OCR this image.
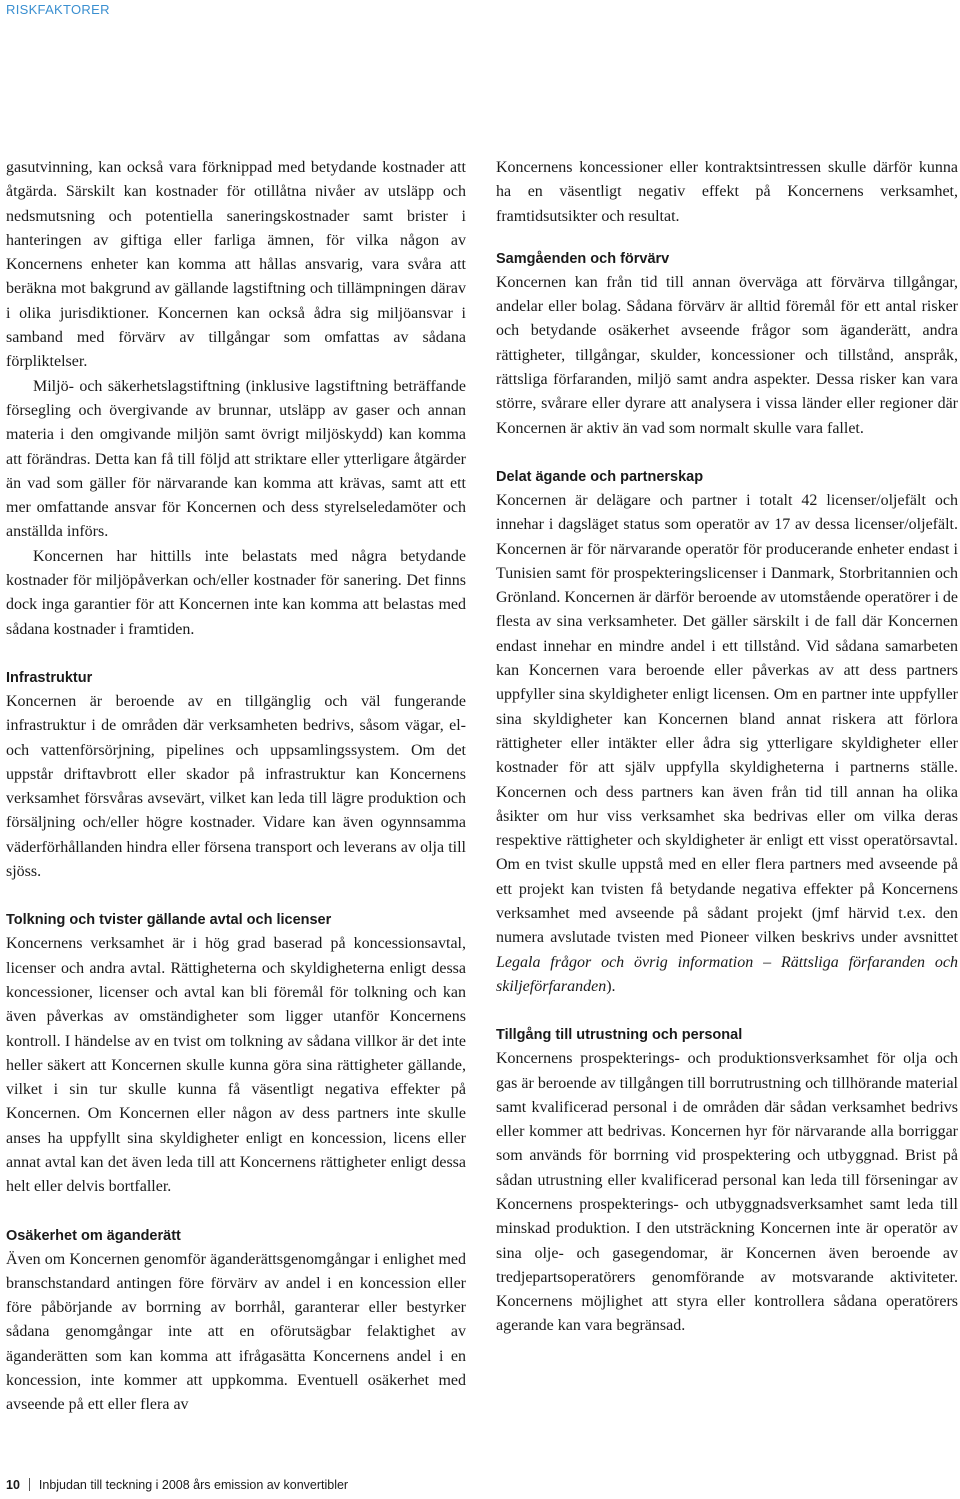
RISKFAKTORER

gasutvinning, kan också vara förknippad med betydande kostnader att åtgärda. Särskilt kan kostnader för otillåtna nivåer av utsläpp och nedsmutsning och potentiella saneringskostnader samt brister i hanteringen av giftiga eller farliga ämnen, för vilka någon av Koncernens enheter kan komma att hållas ansvarig, vara svåra att beräkna mot bakgrund av gällande lagstiftning och tillämpningen därav i olika jurisdiktioner. Koncernen kan också ådra sig miljöansvar i samband med förvärv av tillgångar som omfattas av sådana förpliktelser.

Miljö- och säkerhetslagstiftning (inklusive lagstiftning beträffande försegling och övergivande av brunnar, utsläpp av gaser och annan materia i den omgivande miljön samt övrigt miljöskydd) kan komma att förändras. Detta kan få till följd att striktare eller ytterligare åtgärder än vad som gäller för närvarande kan komma att krävas, samt att ett mer omfattande ansvar för Koncernen och dess styrelseledamöter och anställda införs.

Koncernen har hittills inte belastats med några betydande kostnader för miljöpåverkan och/eller kostnader för sanering. Det finns dock inga garantier för att Koncernen inte kan komma att belastas med sådana kostnader i framtiden.

Infrastruktur

Koncernen är beroende av en tillgänglig och väl fungerande infrastruktur i de områden där verksamheten bedrivs, såsom vägar, el- och vattenförsörjning, pipelines och uppsamlingssystem. Om det uppstår driftavbrott eller skador på infrastruktur kan Koncernens verksamhet försvåras avsevärt, vilket kan leda till lägre produktion och försäljning och/eller högre kostnader. Vidare kan även ogynnsamma väderförhållanden hindra eller försena transport och leverans av olja till sjöss.

Tolkning och tvister gällande avtal och licenser

Koncernens verksamhet är i hög grad baserad på koncessionsavtal, licenser och andra avtal. Rättigheterna och skyldigheterna enligt dessa koncessioner, licenser och avtal kan bli föremål för tolkning och kan även påverkas av omständigheter som ligger utanför Koncernens kontroll. I händelse av en tvist om tolkning av sådana villkor är det inte heller säkert att Koncernen skulle kunna göra sina rättigheter gällande, vilket i sin tur skulle kunna få väsentligt negativa effekter på Koncernen. Om Koncernen eller någon av dess partners inte skulle anses ha uppfyllt sina skyldigheter enligt en koncession, licens eller annat avtal kan det även leda till att Koncernens rättigheter enligt dessa helt eller delvis bortfaller.

Osäkerhet om äganderätt

Även om Koncernen genomför äganderättsgenomgångar i enlighet med branschstandard antingen före förvärv av andel i en koncession eller före påbörjande av borrning av borrhål, garanterar eller bestyrker sådana genomgångar inte att en oförutsägbar felaktighet av äganderätten som kan komma att ifrågasätta Koncernens andel i en koncession, inte kommer att uppkomma. Eventuell osäkerhet med avseende på ett eller flera av

Koncernens koncessioner eller kontraktsintressen skulle därför kunna ha en väsentligt negativ effekt på Koncernens verksamhet, framtidsutsikter och resultat.

Samgåenden och förvärv

Koncernen kan från tid till annan överväga att förvärva tillgångar, andelar eller bolag. Sådana förvärv är alltid föremål för ett antal risker och betydande osäkerhet avseende frågor som äganderätt, andra rättigheter, tillgångar, skulder, koncessioner och tillstånd, anspråk, rättsliga förfaranden, miljö samt andra aspekter. Dessa risker kan vara större, svårare eller dyrare att analysera i vissa länder eller regioner där Koncernen är aktiv än vad som normalt skulle vara fallet.

Delat ägande och partnerskap

Koncernen är delägare och partner i totalt 42 licenser/oljefält och innehar i dagsläget status som operatör av 17 av dessa licenser/oljefält. Koncernen är för närvarande operatör för producerande enheter endast i Tunisien samt för prospekteringslicenser i Danmark, Storbritannien och Grönland. Koncernen är därför beroende av utomstående operatörer i de flesta av sina verksamheter. Det gäller särskilt i de fall där Koncernen endast innehar en mindre andel i ett tillstånd. Vid sådana samarbeten kan Koncernen vara beroende eller påverkas av att dess partners uppfyller sina skyldigheter enligt licensen. Om en partner inte uppfyller sina skyldigheter kan Koncernen bland annat riskera att förlora rättigheter eller intäkter eller ådra sig ytterligare skyldigheter eller kostnader för att själv uppfylla skyldigheterna i partnerns ställe. Koncernen och dess partners kan även från tid till annan ha olika åsikter om hur viss verksamhet ska bedrivas eller om vilka deras respektive rättigheter och skyldigheter är enligt ett visst operatörsavtal. Om en tvist skulle uppstå med en eller flera partners med avseende på ett projekt kan tvisten få betydande negativa effekter på Koncernens verksamhet med avseende på sådant projekt (jmf härvid t.ex. den numera avslutade tvisten med Pioneer vilken beskrivs under avsnittet Legala frågor och övrig information – Rättsliga förfaranden och skiljeförfaranden).

Tillgång till utrustning och personal

Koncernens prospekterings- och produktionsverksamhet för olja och gas är beroende av tillgången till borrutrustning och tillhörande material samt kvalificerad personal i de områden där sådan verksamhet bedrivs eller kommer att bedrivas. Koncernen hyr för närvarande alla borriggar som används för borrning vid prospektering och utbyggnad. Brist på sådan utrustning eller kvalificerad personal kan leda till förseningar av Koncernens prospekterings- och utbyggnadsverksamhet samt leda till minskad produktion. I den utsträckning Koncernen inte är operatör av sina olje- och gasegendomar, är Koncernen även beroende av tredjepartsoperatörers genomförande av motsvarande aktiviteter. Koncernens möjlighet att styra eller kontrollera sådana operatörers agerande kan vara begränsad.

10 Inbjudan till teckning i 2008 års emission av konvertibler
